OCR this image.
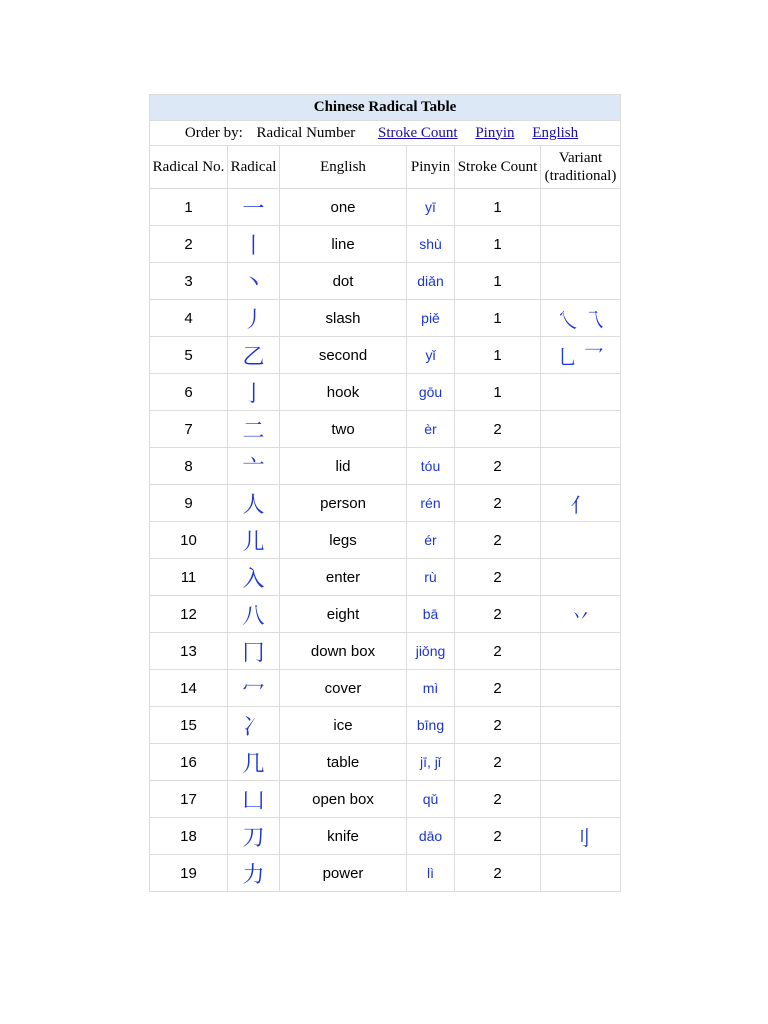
Chinese Radical Table					
Order by: Radical Number Stroke Count Pinyin English					
Radical No.	Radical	English	Pinyin	Stroke Count	Variant
(traditional)
1	一	one	yī	1	
2	丨	line	shù	1	
3	丶	dot	diǎn	1	
4	丿	slash	piě	1	乀 乁
5	乙	second	yǐ	1	乚 乛
6	亅	hook	gōu	1	
7	二	two	èr	2	
8	亠	lid	tóu	2	
9	人	person	rén	2	亻
10	儿	legs	ér	2	
11	入	enter	rù	2	
12	八	eight	bā	2	丷
13	冂	down box	jiǒng	2	
14	冖	cover	mì	2	
15	冫	ice	bīng	2	
16	几	table	jī, jǐ	2	
17	凵	open box	qǔ	2	
18	刀	knife	dāo	2	刂
19	力	power	lì	2	
